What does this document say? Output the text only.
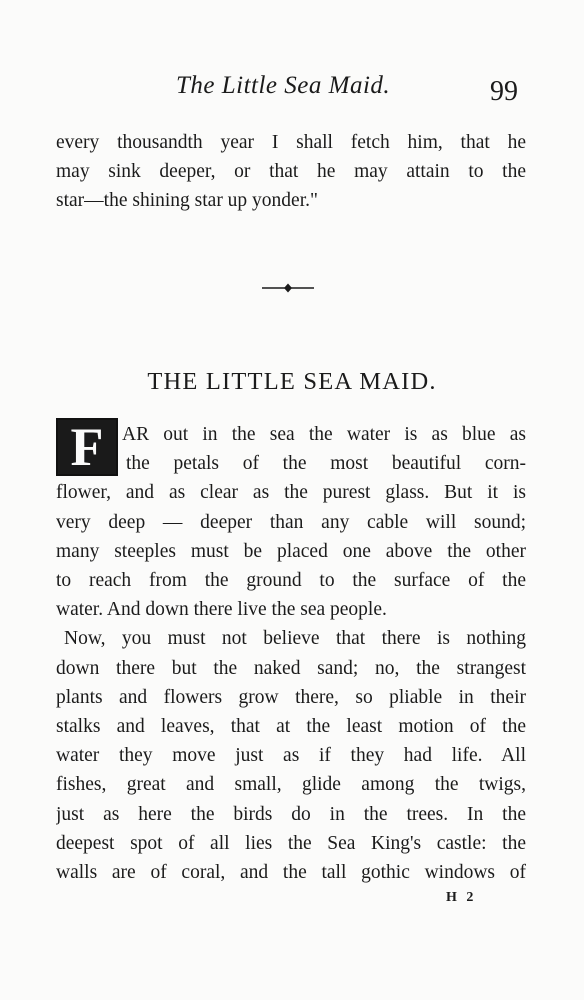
The Little Sea Maid.	99
every thousandth year I shall fetch him, that he
may sink deeper, or that he may attain to the
star—the shining star up yonder."
THE LITTLE SEA MAID.
F AR out in the sea the water is as blue as
the petals of the most beautiful corn-
flower, and as clear as the purest glass. But it is
very deep — deeper than any cable will sound;
many steeples must be placed one above the other
to reach from the ground to the surface of the
water. And down there live the sea people.
Now, you must not believe that there is nothing
down there but the naked sand; no, the strangest
plants and flowers grow there, so pliable in their
stalks and leaves, that at the least motion of the
water they move just as if they had life. All
fishes, great and small, glide among the twigs,
just as here the birds do in the trees. In the
deepest spot of all lies the Sea King's castle: the
walls are of coral, and the tall gothic windows of
H 2
